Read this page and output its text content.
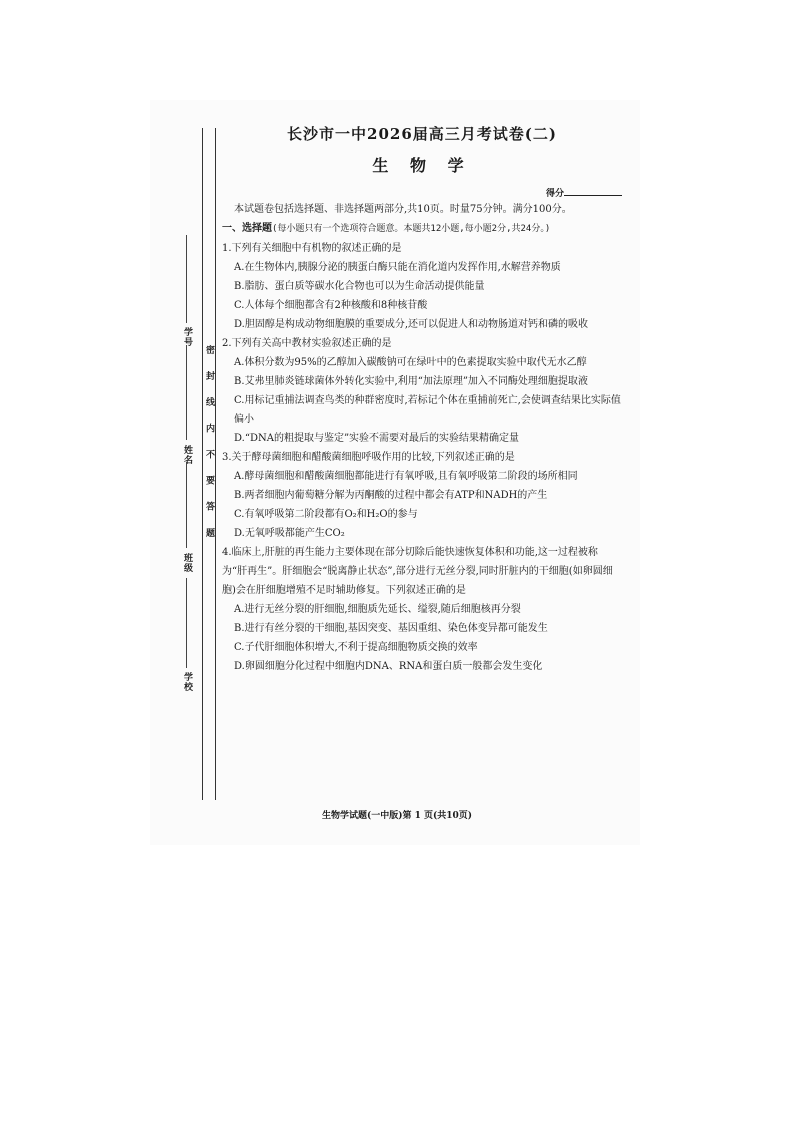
学号
姓名
班级
学校
密 封 线 内 不 要 答 题
长沙市一中2026届高三月考试卷(二)
生 物 学
得分
本试题卷包括选择题、非选择题两部分,共10页。时量75分钟。满分100分。
一、选择题(每小题只有一个选项符合题意。本题共12小题,每小题2分,共24分。)
1.下列有关细胞中有机物的叙述正确的是
A.在生物体内,胰腺分泌的胰蛋白酶只能在消化道内发挥作用,水解营养物质
B.脂肪、蛋白质等碳水化合物也可以为生命活动提供能量
C.人体每个细胞都含有2种核酸和8种核苷酸
D.胆固醇是构成动物细胞膜的重要成分,还可以促进人和动物肠道对钙和磷的吸收
2.下列有关高中教材实验叙述正确的是
A.体积分数为95%的乙醇加入碳酸钠可在绿叶中的色素提取实验中取代无水乙醇
B.艾弗里肺炎链球菌体外转化实验中,利用“加法原理”加入不同酶处理细胞提取液
C.用标记重捕法调查鸟类的种群密度时,若标记个体在重捕前死亡,会使调查结果比实际值偏小
D.“DNA的粗提取与鉴定”实验不需要对最后的实验结果精确定量
3.关于酵母菌细胞和醋酸菌细胞呼吸作用的比较,下列叙述正确的是
A.酵母菌细胞和醋酸菌细胞都能进行有氧呼吸,且有氧呼吸第二阶段的场所相同
B.两者细胞内葡萄糖分解为丙酮酸的过程中都会有ATP和NADH的产生
C.有氧呼吸第二阶段都有O₂和H₂O的参与
D.无氧呼吸都能产生CO₂
4.临床上,肝脏的再生能力主要体现在部分切除后能快速恢复体积和功能,这一过程被称为“肝再生”。肝细胞会“脱离静止状态”,部分进行无丝分裂,同时肝脏内的干细胞(如卵圆细胞)会在肝细胞增殖不足时辅助修复。下列叙述正确的是
A.进行无丝分裂的肝细胞,细胞质先延长、缢裂,随后细胞核再分裂
B.进行有丝分裂的干细胞,基因突变、基因重组、染色体变异都可能发生
C.子代肝细胞体积增大,不利于提高细胞物质交换的效率
D.卵圆细胞分化过程中细胞内DNA、RNA和蛋白质一般都会发生变化
生物学试题(一中版)第 1 页(共10页)
